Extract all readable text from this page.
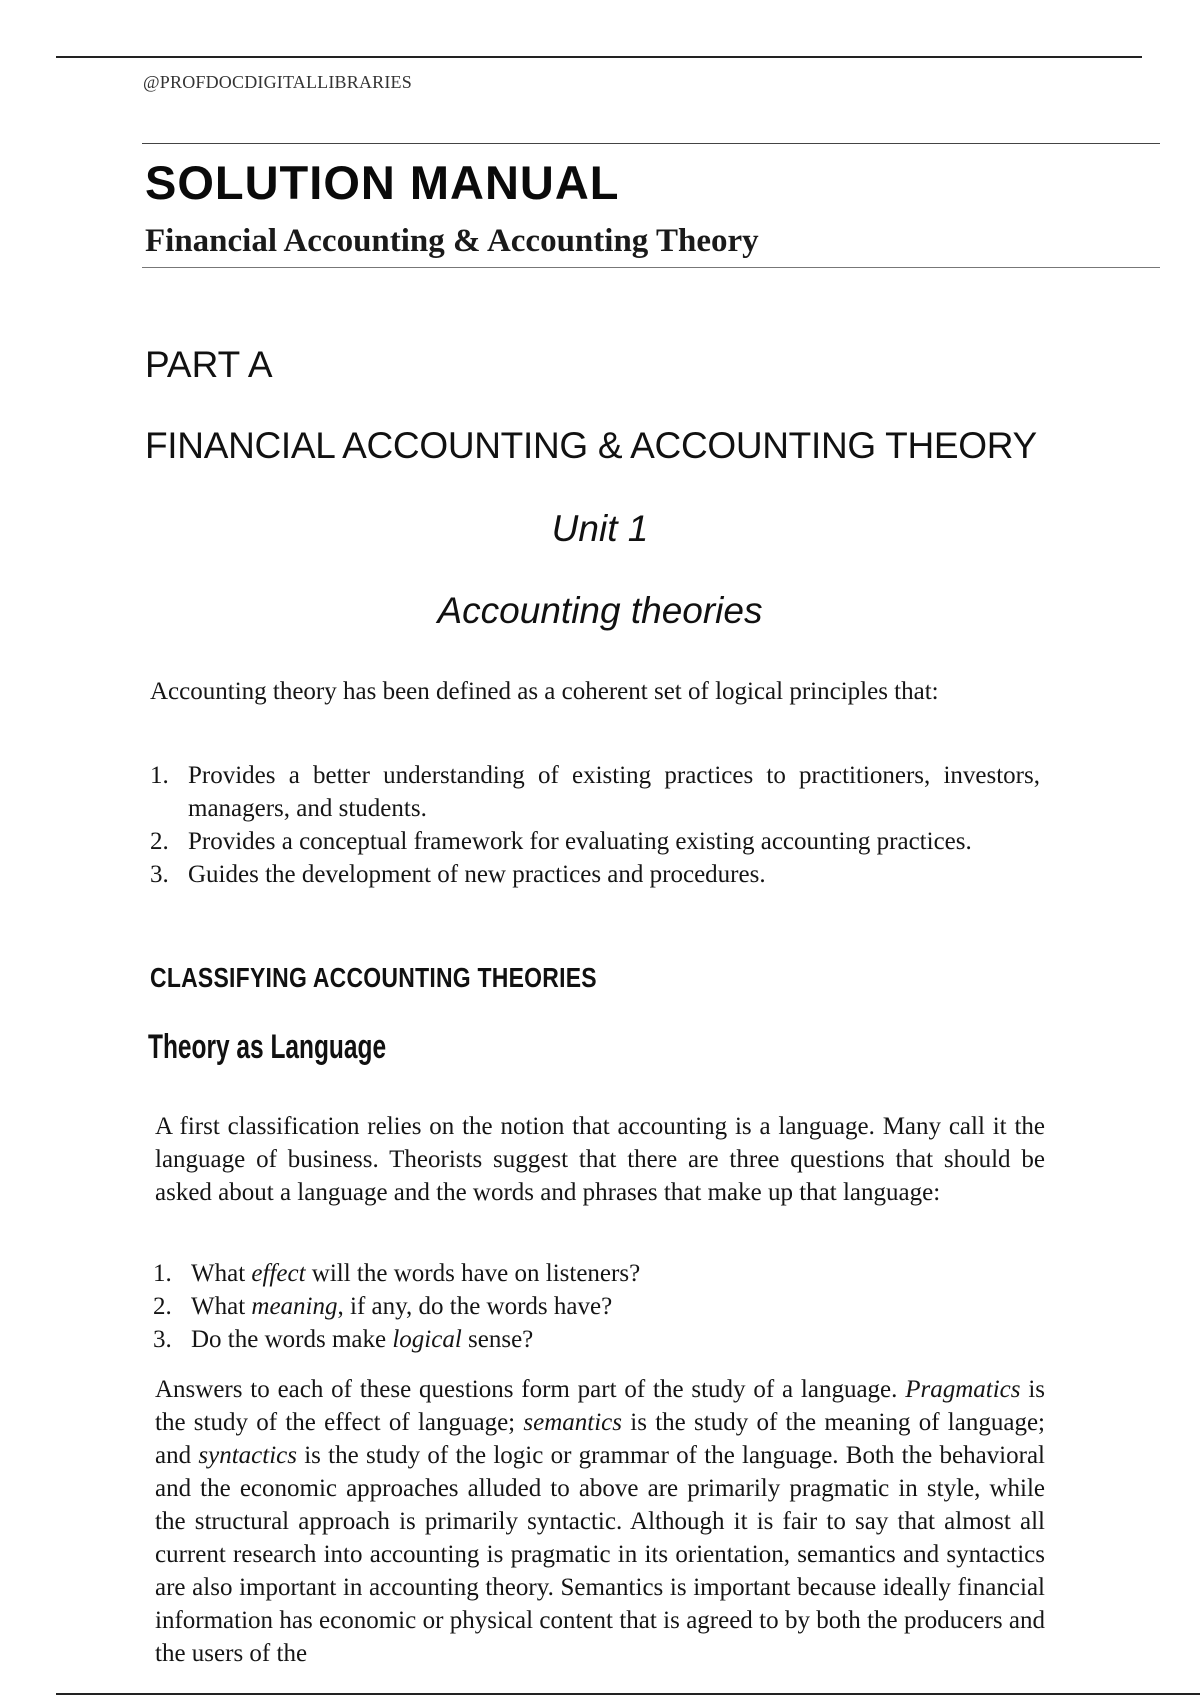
@PROFDOCDIGITALLIBRARIES
SOLUTION MANUAL
Financial Accounting & Accounting Theory
PART A
FINANCIAL ACCOUNTING & ACCOUNTING THEORY
Unit 1
Accounting theories
Accounting theory has been defined as a coherent set of logical principles that:
1. Provides a better understanding of existing practices to practitioners, investors, managers, and students.
2. Provides a conceptual framework for evaluating existing accounting practices.
3. Guides the development of new practices and procedures.
CLASSIFYING ACCOUNTING THEORIES
Theory as Language
A first classification relies on the notion that accounting is a language. Many call it the language of business. Theorists suggest that there are three questions that should be asked about a language and the words and phrases that make up that language:
1. What effect will the words have on listeners?
2. What meaning, if any, do the words have?
3. Do the words make logical sense?
Answers to each of these questions form part of the study of a language. Pragmatics is the study of the effect of language; semantics is the study of the meaning of language; and syntactics is the study of the logic or grammar of the language. Both the behavioral and the economic approaches alluded to above are primarily pragmatic in style, while the structural approach is primarily syntactic. Although it is fair to say that almost all current research into accounting is pragmatic in its orientation, semantics and syntactics are also important in accounting theory. Semantics is important because ideally financial information has economic or physical content that is agreed to by both the producers and the users of the
